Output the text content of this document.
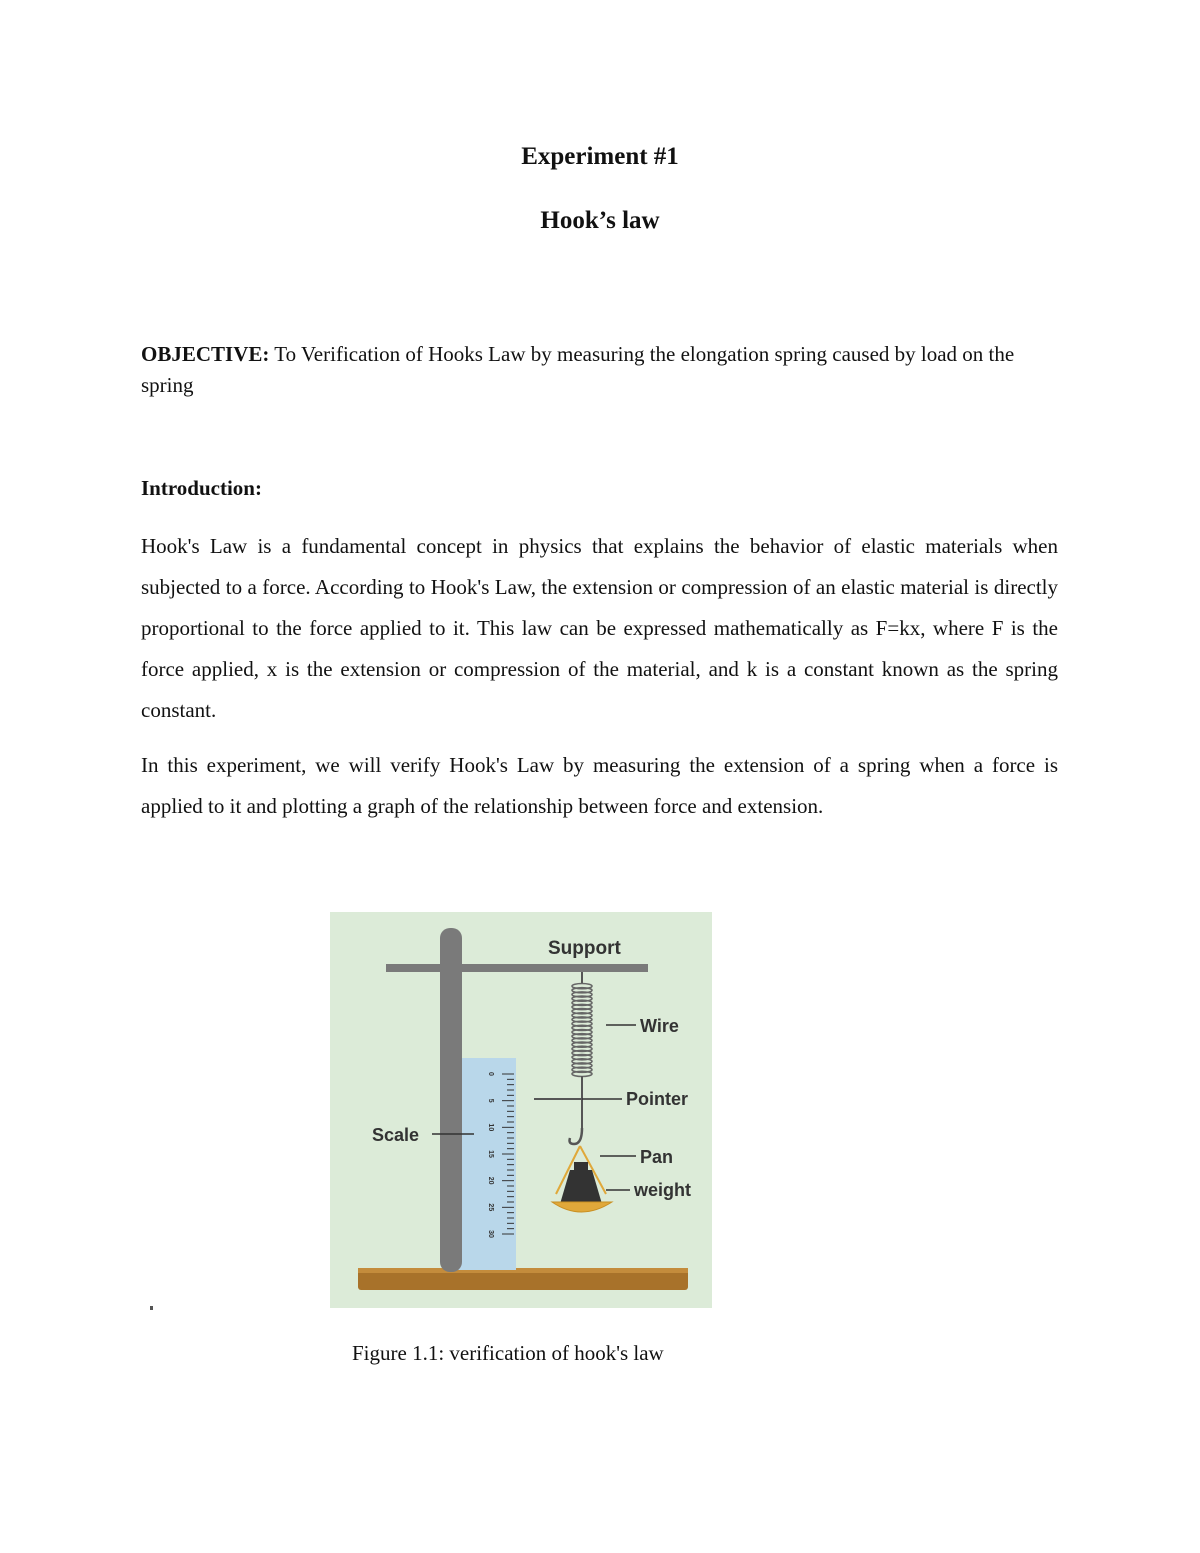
Experiment #1
Hook’s law
OBJECTIVE: To Verification of Hooks Law by measuring the elongation spring caused by load on the spring
Introduction:

Hook's Law is a fundamental concept in physics that explains the behavior of elastic materials when subjected to a force. According to Hook's Law, the extension or compression of an elastic material is directly proportional to the force applied to it. This law can be expressed mathematically as F=kx, where F is the force applied, x is the extension or compression of the material, and k is a constant known as the spring constant.

In this experiment, we will verify Hook's Law by measuring the extension of a spring when a force is applied to it and plotting a graph of the relationship between force and extension.

0
5
10
15
20
25
30
Support
Wire
Pointer
Scale
Pan
weight
Figure 1.1: verification of hook's law
